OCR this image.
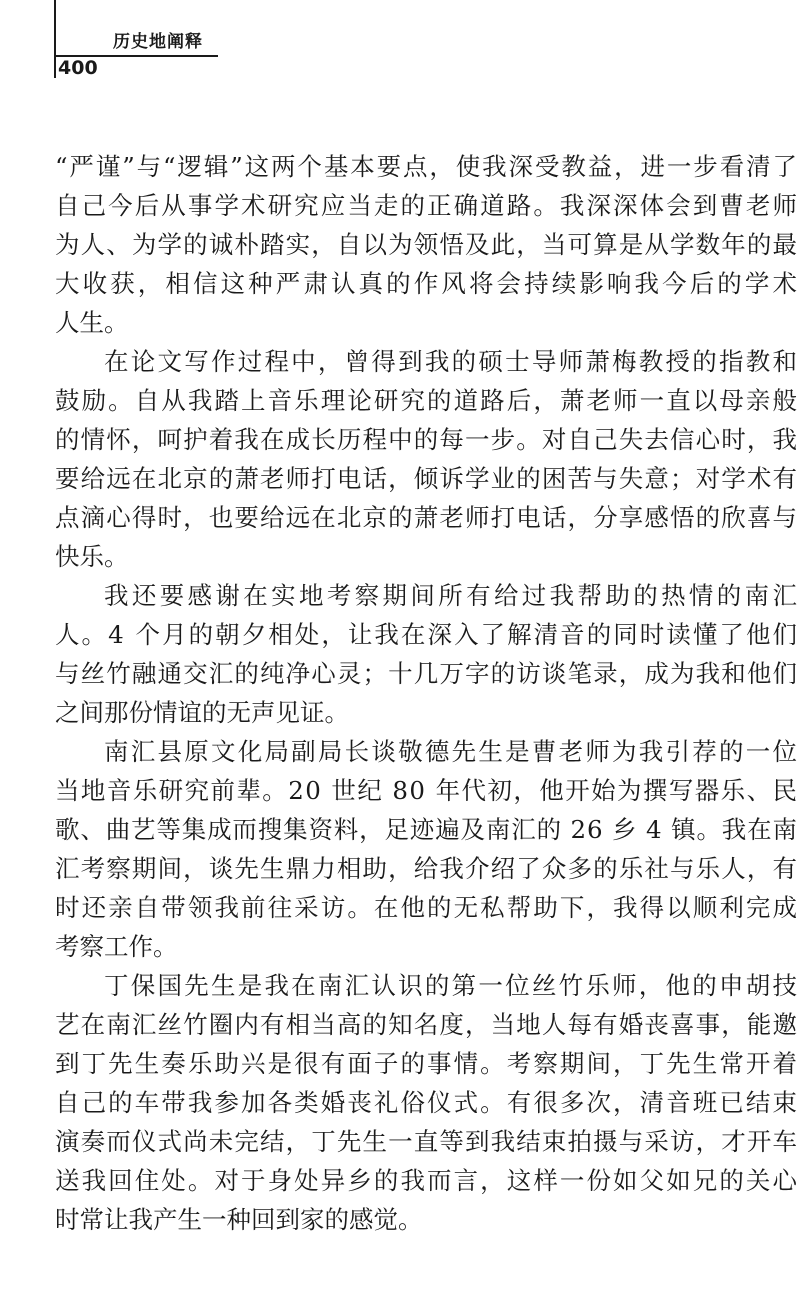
历史地阐释
400
“严谨”与“逻辑”这两个基本要点，使我深受教益，进一步看清了
自己今后从事学术研究应当走的正确道路。我深深体会到曹老师
为人、为学的诚朴踏实，自以为领悟及此，当可算是从学数年的最
大收获，相信这种严肃认真的作风将会持续影响我今后的学术
人生。
在论文写作过程中，曾得到我的硕士导师萧梅教授的指教和
鼓励。自从我踏上音乐理论研究的道路后，萧老师一直以母亲般
的情怀，呵护着我在成长历程中的每一步。对自己失去信心时，我
要给远在北京的萧老师打电话，倾诉学业的困苦与失意；对学术有
点滴心得时，也要给远在北京的萧老师打电话，分享感悟的欣喜与
快乐。
我还要感谢在实地考察期间所有给过我帮助的热情的南汇
人。4 个月的朝夕相处，让我在深入了解清音的同时读懂了他们
与丝竹融通交汇的纯净心灵；十几万字的访谈笔录，成为我和他们
之间那份情谊的无声见证。
南汇县原文化局副局长谈敬德先生是曹老师为我引荐的一位
当地音乐研究前辈。20 世纪 80 年代初，他开始为撰写器乐、民
歌、曲艺等集成而搜集资料，足迹遍及南汇的 26 乡 4 镇。我在南
汇考察期间，谈先生鼎力相助，给我介绍了众多的乐社与乐人，有
时还亲自带领我前往采访。在他的无私帮助下，我得以顺利完成
考察工作。
丁保国先生是我在南汇认识的第一位丝竹乐师，他的申胡技
艺在南汇丝竹圈内有相当高的知名度，当地人每有婚丧喜事，能邀
到丁先生奏乐助兴是很有面子的事情。考察期间，丁先生常开着
自己的车带我参加各类婚丧礼俗仪式。有很多次，清音班已结束
演奏而仪式尚未完结，丁先生一直等到我结束拍摄与采访，才开车
送我回住处。对于身处异乡的我而言，这样一份如父如兄的关心
时常让我产生一种回到家的感觉。
